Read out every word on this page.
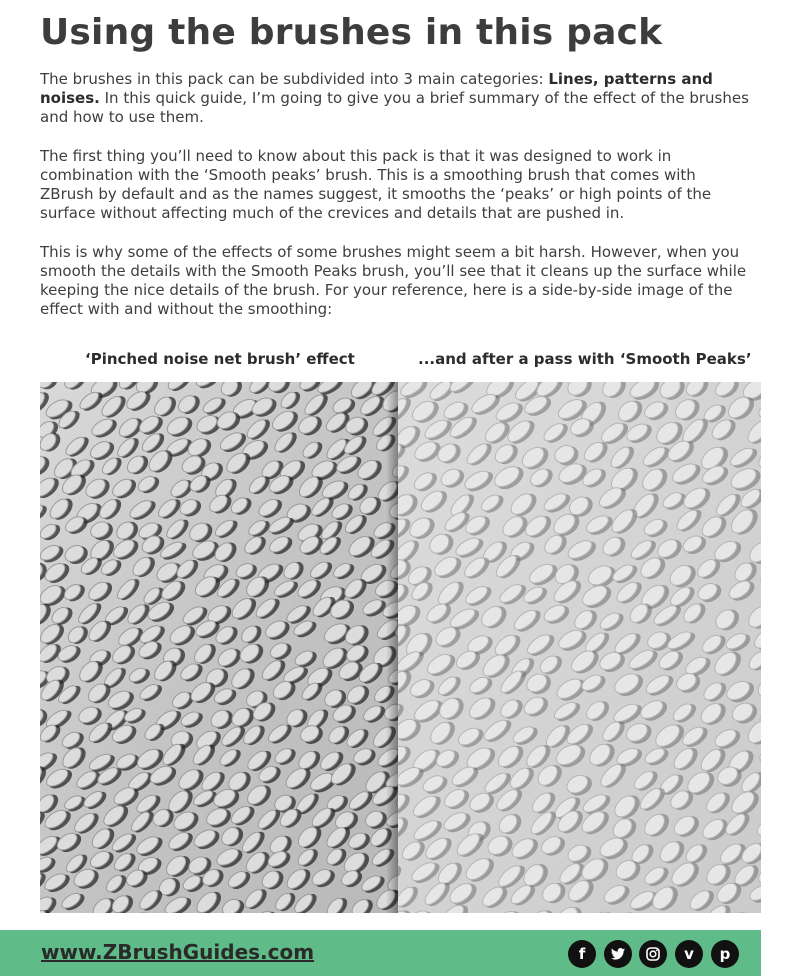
Using the brushes in this pack

The brushes in this pack can be subdivided into 3 main categories: Lines, patterns and noises. In this quick guide, I’m going to give you a brief summary of the effect of the brushes and how to use them.

The first thing you’ll need to know about this pack is that it was designed to work in combination with the ‘Smooth peaks’ brush. This is a smoothing brush that comes with ZBrush by default and as the names suggest, it smooths the ‘peaks’ or high points of the surface without affecting much of the crevices and details that are pushed in.

This is why some of the effects of some brushes might seem a bit harsh. However, when you smooth the details with the Smooth Peaks brush, you’ll see that it cleans up the surface while keeping the nice details of the brush. For your reference, here is a side-by-side image of the effect with and without the smoothing:

‘Pinched noise net brush’ effect	...and after a pass with ‘Smooth Peaks’
www.ZBrushGuides.com	f	v	p
